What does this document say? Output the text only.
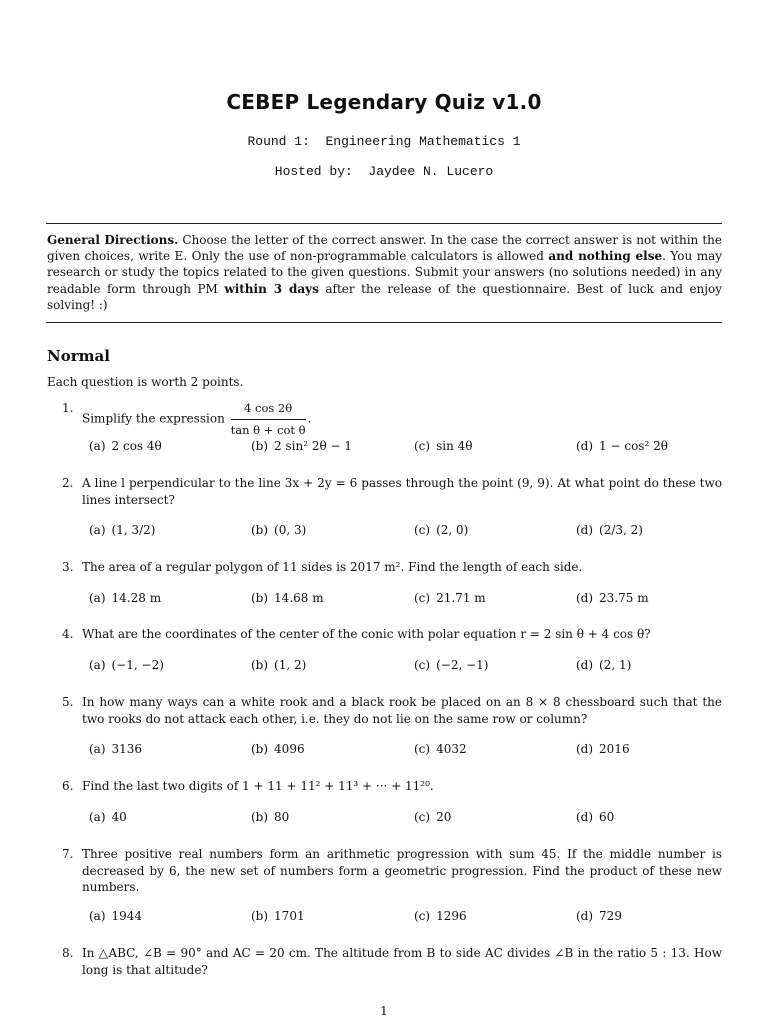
CEBEP Legendary Quiz v1.0
Round 1:  Engineering Mathematics 1
Hosted by:  Jaydee N. Lucero
General Directions. Choose the letter of the correct answer. In the case the correct answer is not within the given choices, write E. Only the use of non-programmable calculators is allowed and nothing else. You may research or study the topics related to the given questions. Submit your answers (no solutions needed) in any readable form through PM within 3 days after the release of the questionnaire. Best of luck and enjoy solving! :)
Normal
Each question is worth 2 points.
1.
Simplify the expression $\frac{4 \cos 2\theta}{\text{tan θ + cot θ}}$ .
(a) 2 cos 4θ	(b) 2 sin² 2θ − 1	(c) sin 4θ	(d) 1 − cos² 2θ
2. A line l perpendicular to the line 3x + 2y = 6 passes through the point (9, 9). At what point do these two lines intersect?
(a) (1, 3/2)	(b) (0, 3)	(c) (2, 0)	(d) (2/3, 2)
3. The area of a regular polygon of 11 sides is 2017 m². Find the length of each side.
(a) 14.28 m	(b) 14.68 m	(c) 21.71 m	(d) 23.75 m
4. What are the coordinates of the center of the conic with polar equation r = 2 sin θ + 4 cos θ?
(a) (−1, −2)	(b) (1, 2)	(c) (−2, −1)	(d) (2, 1)
5. In how many ways can a white rook and a black rook be placed on an 8 × 8 chessboard such that the two rooks do not attack each other, i.e. they do not lie on the same row or column?
(a) 3136	(b) 4096	(c) 4032	(d) 2016
6. Find the last two digits of 1 + 11 + 11² + 11³ + ··· + 11²⁰.
(a) 40	(b) 80	(c) 20	(d) 60
7. Three positive real numbers form an arithmetic progression with sum 45. If the middle number is decreased by 6, the new set of numbers form a geometric progression. Find the product of these new numbers.
(a) 1944	(b) 1701	(c) 1296	(d) 729
8. In △ABC, ∠B = 90° and AC = 20 cm. The altitude from B to side AC divides ∠B in the ratio 5 : 13. How long is that altitude?
1
